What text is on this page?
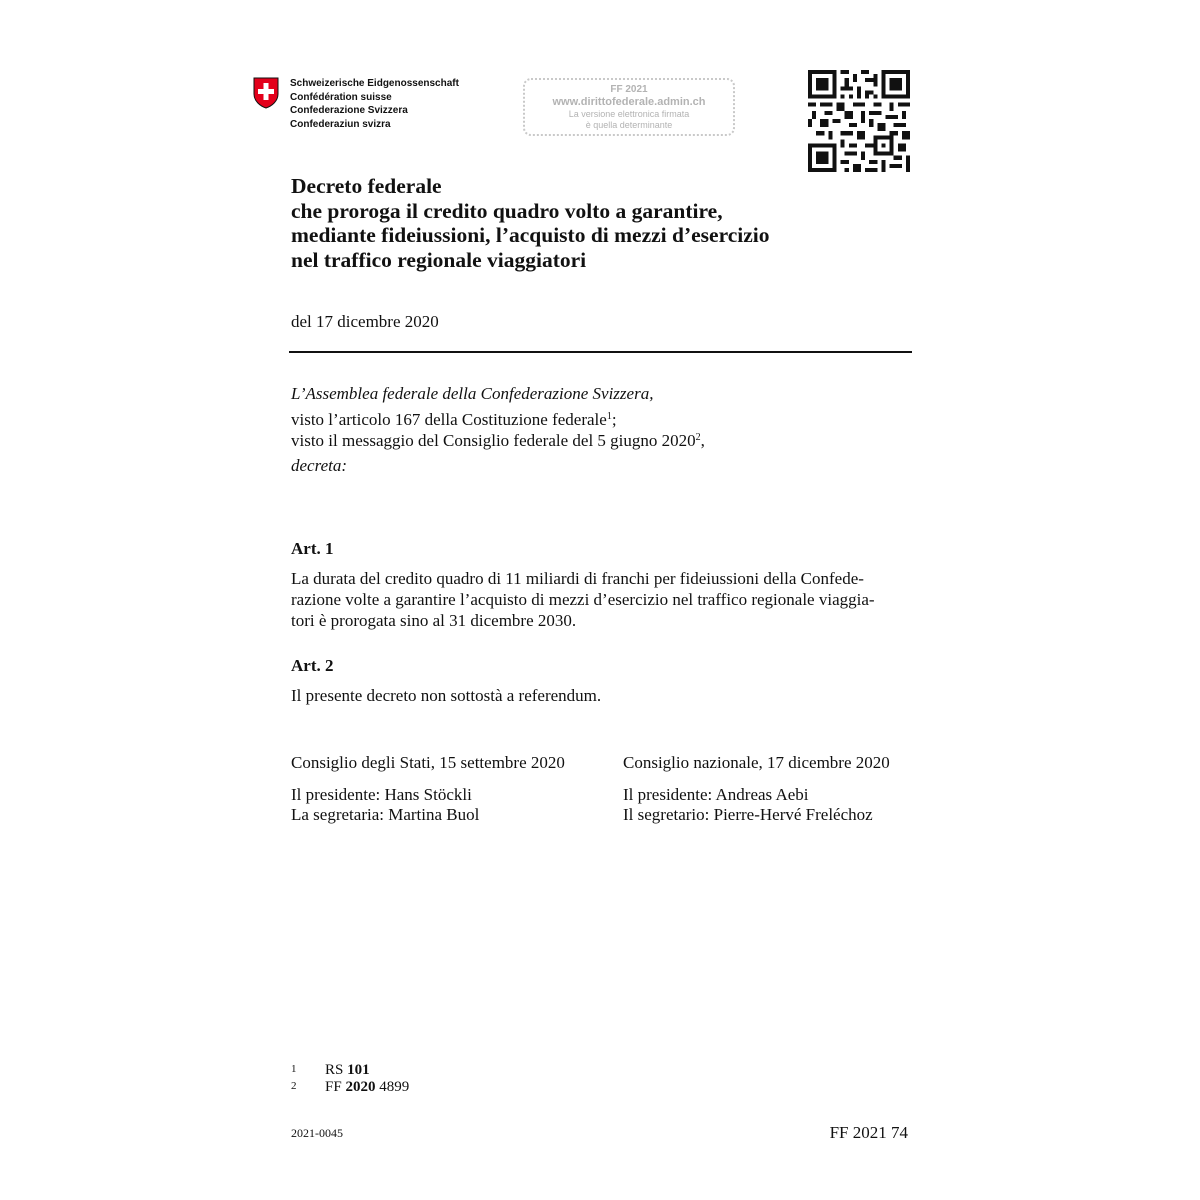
Schweizerische Eidgenossenschaft
Confédération suisse
Confederazione Svizzera
Confederaziun svizra
FF 2021
www.dirittofederale.admin.ch
La versione elettronica firmata
è quella determinante
Decreto federale
che proroga il credito quadro volto a garantire,
mediante fideiussioni, l’acquisto di mezzi d’esercizio
nel traffico regionale viaggiatori
del 17 dicembre 2020
L’Assemblea federale della Confederazione Svizzera,
visto l’articolo 167 della Costituzione federale$^1$;
visto il messaggio del Consiglio federale del 5 giugno 2020$^2$,
decreta:
Art. 1
La durata del credito quadro di 11 miliardi di franchi per fideiussioni della Confede-
razione volte a garantire l’acquisto di mezzi d’esercizio nel traffico regionale viaggia-
tori è prorogata sino al 31 dicembre 2030.
Art. 2
Il presente decreto non sottostà a referendum.
Consiglio degli Stati, 15 settembre 2020
Il presidente: Hans Stöckli
La segretaria: Martina Buol
Consiglio nazionale, 17 dicembre 2020
Il presidente: Andreas Aebi
Il segretario: Pierre-Hervé Freléchoz
1	RS 101
2	FF 2020 4899
2021-0045	FF 2021 74
